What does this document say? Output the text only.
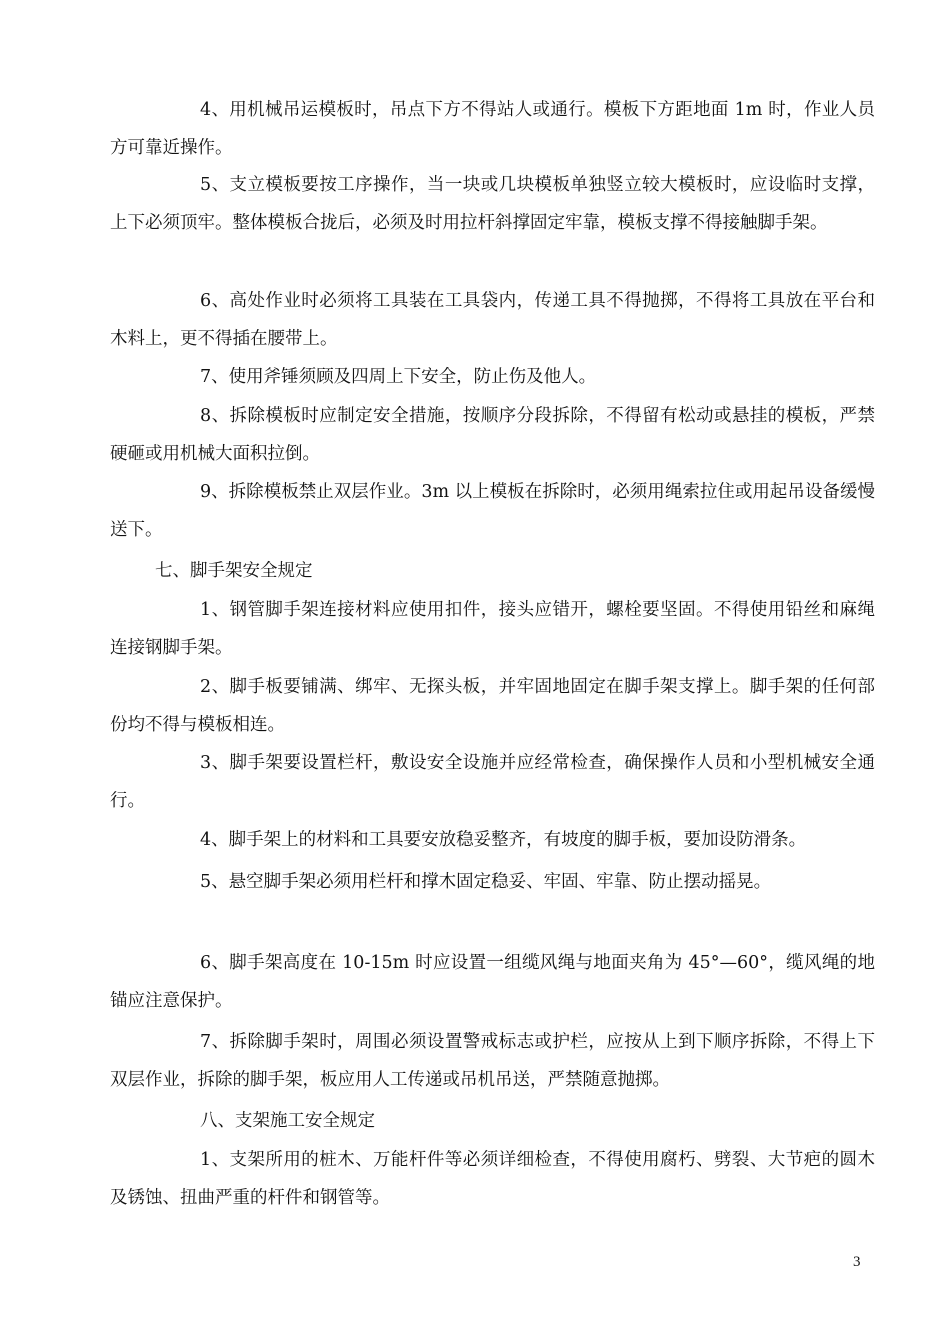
4、用机械吊运模板时，吊点下方不得站人或通行。模板下方距地面 1m 时，作业人员方可靠近操作。

5、支立模板要按工序操作，当一块或几块模板单独竖立较大模板时，应设临时支撑，上下必须顶牢。整体模板合拢后，必须及时用拉杆斜撑固定牢靠，模板支撑不得接触脚手架。

6、高处作业时必须将工具装在工具袋内，传递工具不得抛掷，不得将工具放在平台和木料上，更不得插在腰带上。

7、使用斧锤须顾及四周上下安全，防止伤及他人。

8、拆除模板时应制定安全措施，按顺序分段拆除，不得留有松动或悬挂的模板，严禁硬砸或用机械大面积拉倒。

9、拆除模板禁止双层作业。3m 以上模板在拆除时，必须用绳索拉住或用起吊设备缓慢送下。

七、脚手架安全规定

1、钢管脚手架连接材料应使用扣件，接头应错开，螺栓要坚固。不得使用铅丝和麻绳连接钢脚手架。

2、脚手板要铺满、绑牢、无探头板，并牢固地固定在脚手架支撑上。脚手架的任何部份均不得与模板相连。

3、脚手架要设置栏杆，敷设安全设施并应经常检查，确保操作人员和小型机械安全通行。

4、脚手架上的材料和工具要安放稳妥整齐，有坡度的脚手板，要加设防滑条。

5、悬空脚手架必须用栏杆和撑木固定稳妥、牢固、牢靠、防止摆动摇晃。

6、脚手架高度在 10-15m 时应设置一组缆风绳与地面夹角为 45°—60°，缆风绳的地锚应注意保护。

7、拆除脚手架时，周围必须设置警戒标志或护栏，应按从上到下顺序拆除，不得上下双层作业，拆除的脚手架，板应用人工传递或吊机吊送，严禁随意抛掷。

八、支架施工安全规定

1、支架所用的桩木、万能杆件等必须详细检查，不得使用腐朽、劈裂、大节疤的圆木及锈蚀、扭曲严重的杆件和钢管等。

3
